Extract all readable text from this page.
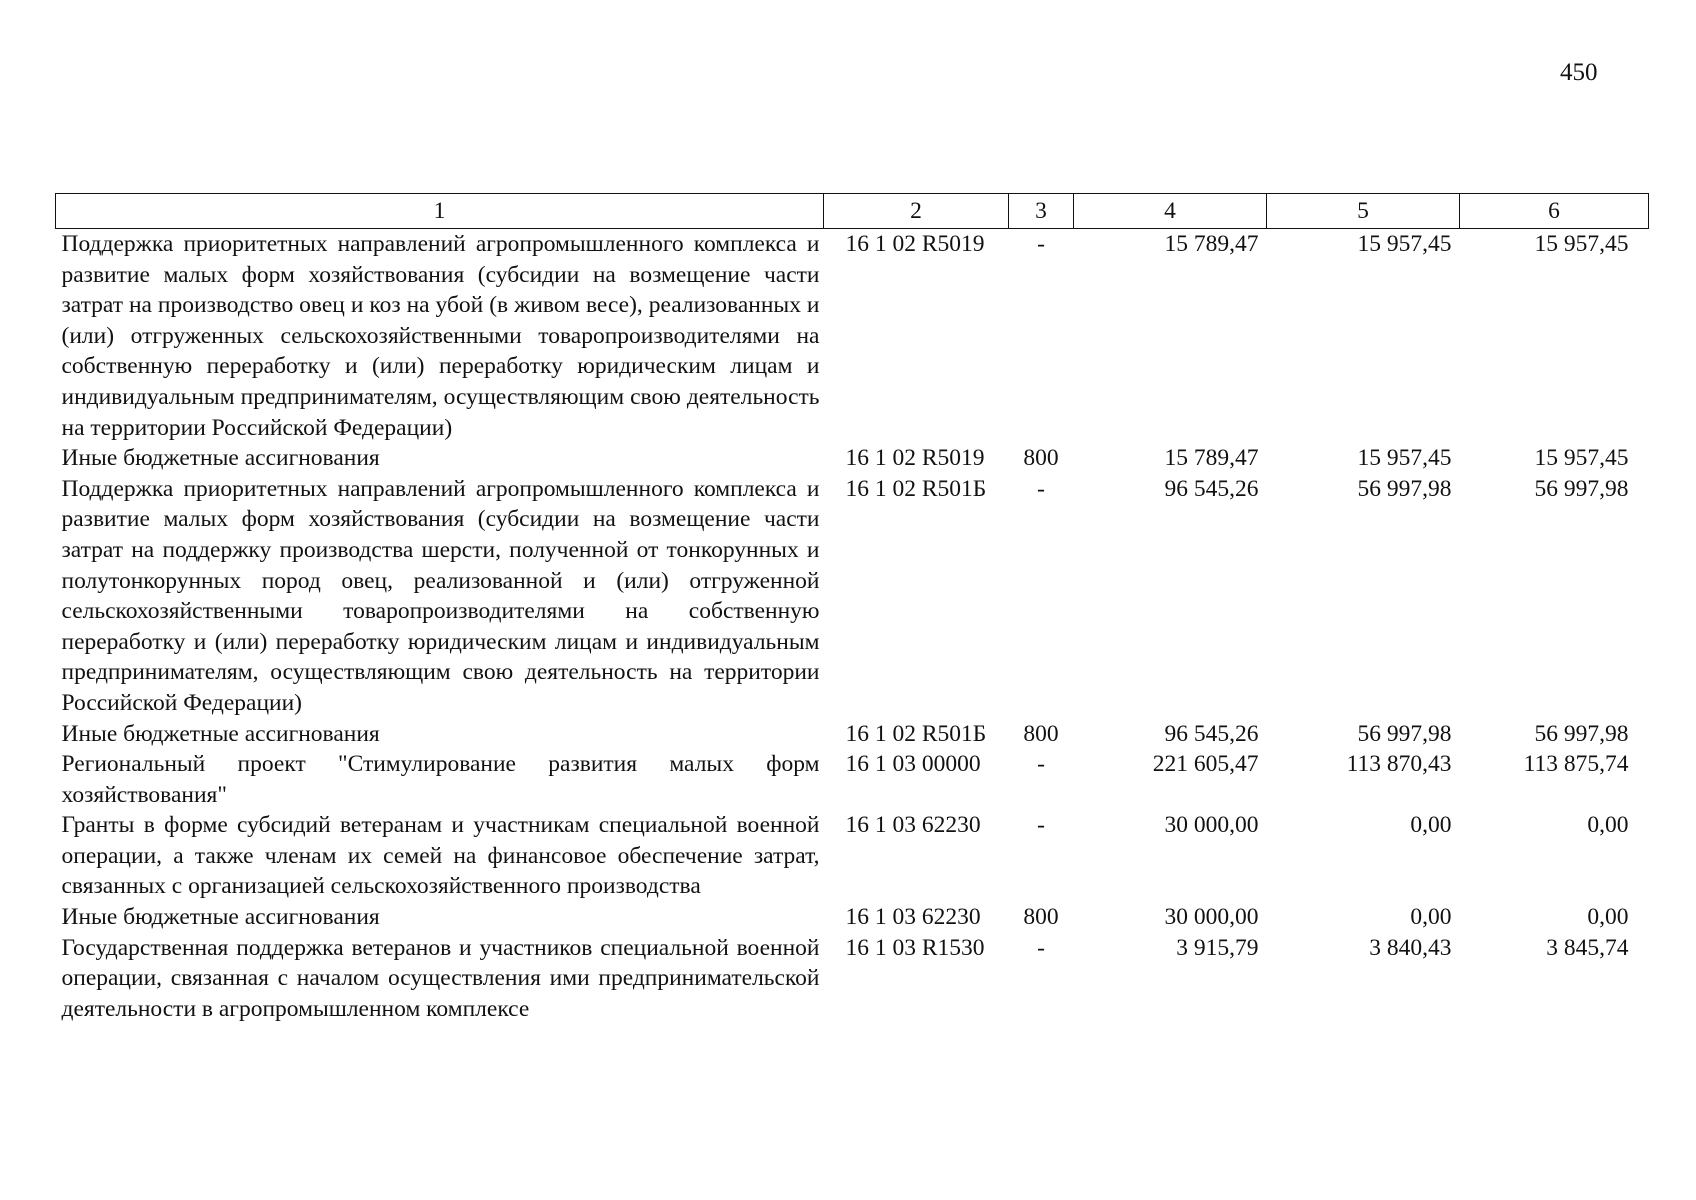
450
1	2	3	4	5	6
Поддержка приоритетных направлений агропромышленного комплекса и развитие малых форм хозяйствования (субсидии на возмещение части затрат на производство овец и коз на убой (в живом весе), реализованных и (или) отгруженных сельскохозяйственными товаропроизводителями на собственную переработку и (или) переработку юридическим лицам и индивидуальным предпринимателям, осуществляющим свою деятельность на территории Российской Федерации)	16 1 02 R5019	-	15 789,47	15 957,45	15 957,45
Иные бюджетные ассигнования	16 1 02 R5019	800	15 789,47	15 957,45	15 957,45
Поддержка приоритетных направлений агропромышленного комплекса и развитие малых форм хозяйствования (субсидии на возмещение части затрат на поддержку производства шерсти, полученной от тонкорунных и полутонкорунных пород овец, реализованной и (или) отгруженной сельскохозяйственными товаропроизводителями на собственную переработку и (или) переработку юридическим лицам и индивидуальным предпринимателям, осуществляющим свою деятельность на территории Российской Федерации)	16 1 02 R501Б	-	96 545,26	56 997,98	56 997,98
Иные бюджетные ассигнования	16 1 02 R501Б	800	96 545,26	56 997,98	56 997,98
Региональный проект "Стимулирование развития малых форм хозяйствования"	16 1 03 00000	-	221 605,47	113 870,43	113 875,74
Гранты в форме субсидий ветеранам и участникам специальной военной операции, а также членам их семей на финансовое обеспечение затрат, связанных с организацией сельскохозяйственного производства	16 1 03 62230	-	30 000,00	0,00	0,00
Иные бюджетные ассигнования	16 1 03 62230	800	30 000,00	0,00	0,00
Государственная поддержка ветеранов и участников специальной военной операции, связанная с началом осуществления ими предпринимательской деятельности в агропромышленном комплексе	16 1 03 R1530	-	3 915,79	3 840,43	3 845,74
